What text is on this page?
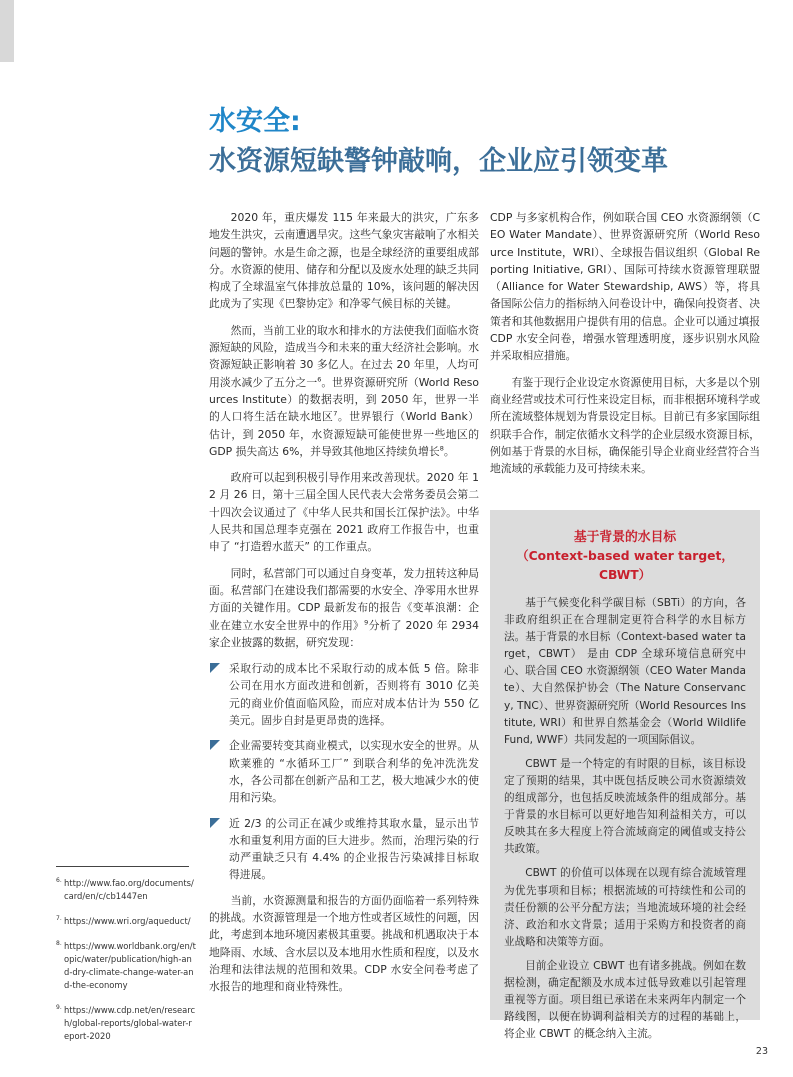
水安全:
水资源短缺警钟敲响，企业应引领变革

2020 年，重庆爆发 115 年来最大的洪灾，广东多地发生洪灾，云南遭遇旱灾。这些气象灾害敲响了水相关问题的警钟。水是生命之源，也是全球经济的重要组成部分。水资源的使用、储存和分配以及废水处理的缺乏共同构成了全球温室气体排放总量的 10%，该问题的解决因此成为了实现《巴黎协定》和净零气候目标的关键。

然而，当前工业的取水和排水的方法使我们面临水资源短缺的风险，造成当今和未来的重大经济社会影响。水资源短缺正影响着 30 多亿人。在过去 20 年里，人均可用淡水减少了五分之一$^6$。世界资源研究所（World Resources Institute）的数据表明，到 2050 年，世界一半的人口将生活在缺水地区$^7$。世界银行（World Bank）估计，到 2050 年，水资源短缺可能使世界一些地区的 GDP 损失高达 6%，并导致其他地区持续负增长$^8$。

政府可以起到积极引导作用来改善现状。2020 年 12 月 26 日，第十三届全国人民代表大会常务委员会第二十四次会议通过了《中华人民共和国长江保护法》。中华人民共和国总理李克强在 2021 政府工作报告中，也重申了 “打造碧水蓝天” 的工作重点。

同时，私营部门可以通过自身变革，发力扭转这种局面。私营部门在建设我们都需要的水安全、净零用水世界方面的关键作用。CDP 最新发布的报告《变革浪潮：企业在建立水安全世界中的作用》$^9$分析了 2020 年 2934 家企业披露的数据，研究发现：

采取行动的成本比不采取行动的成本低 5 倍。除非公司在用水方面改进和创新，否则将有 3010 亿美元的商业价值面临风险，而应对成本估计为 550 亿美元。固步自封是更昂贵的选择。
企业需要转变其商业模式，以实现水安全的世界。从欧莱雅的 “水循环工厂” 到联合利华的免冲洗洗发水，各公司都在创新产品和工艺，极大地减少水的使用和污染。
近 2/3 的公司正在减少或维持其取水量，显示出节水和重复利用方面的巨大进步。然而，治理污染的行动严重缺乏只有 4.4% 的企业报告污染减排目标取得进展。

当前，水资源测量和报告的方面仍面临着一系列特殊的挑战。水资源管理是一个地方性或者区域性的问题，因此，考虑到本地环境因素极其重要。挑战和机遇取决于本地降雨、水域、含水层以及本地用水性质和程度，以及水治理和法律法规的范围和效果。CDP 水安全问卷考虑了水报告的地理和商业特殊性。

CDP 与多家机构合作，例如联合国 CEO 水资源纲领（CEO Water Mandate）、世界资源研究所（World Resource Institute，WRI）、全球报告倡议组织（Global Reporting Initiative, GRI）、国际可持续水资源管理联盟（Alliance for Water Stewardship, AWS）等，将具备国际公信力的指标纳入问卷设计中，确保向投资者、决策者和其他数据用户提供有用的信息。企业可以通过填报 CDP 水安全问卷，增强水管理透明度，逐步识别水风险并采取相应措施。

有鉴于现行企业设定水资源使用目标，大多是以个别商业经营或技术可行性来设定目标，而非根据环境科学或所在流域整体规划为背景设定目标。目前已有多家国际组织联手合作，制定依循水文科学的企业层级水资源目标，例如基于背景的水目标，确保能引导企业商业经营符合当地流域的承载能力及可持续未来。

基于背景的水目标
（Context-based water target，CBWT）

基于气候变化科学碳目标（SBTi）的方向，各非政府组织正在合理制定更符合科学的水目标方法。基于背景的水目标（Context-based water target，CBWT） 是由 CDP 全球环境信息研究中心、联合国 CEO 水资源纲领（CEO Water Mandate）、大自然保护协会（The Nature Conservancy, TNC）、世界资源研究所（World Resources Institute, WRI）和世界自然基金会（World Wildlife Fund, WWF）共同发起的一项国际倡议。

CBWT 是一个特定的有时限的目标，该目标设定了预期的结果，其中既包括反映公司水资源绩效的组成部分，也包括反映流域条件的组成部分。基于背景的水目标可以更好地告知利益相关方，可以反映其在多大程度上符合流域商定的阈值或支持公共政策。

CBWT 的价值可以体现在以现有综合流域管理为优先事项和目标；根据流域的可持续性和公司的责任份额的公平分配方法；当地流域环境的社会经济、政治和水文背景；适用于采购方和投资者的商业战略和决策等方面。

目前企业设立 CBWT 也有诸多挑战。例如在数据检测，确定配额及水成本过低导致难以引起管理重视等方面。项目组已承诺在未来两年内制定一个路线图，以便在协调利益相关方的过程的基础上，将企业 CBWT 的概念纳入主流。

6. http://www.fao.org/documents/card/en/c/cb1447en
7. https://www.wri.org/aqueduct/
8. https://www.worldbank.org/en/topic/water/publication/high-and-dry-climate-change-water-and-the-economy
9. https://www.cdp.net/en/research/global-reports/global-water-report-2020
23
